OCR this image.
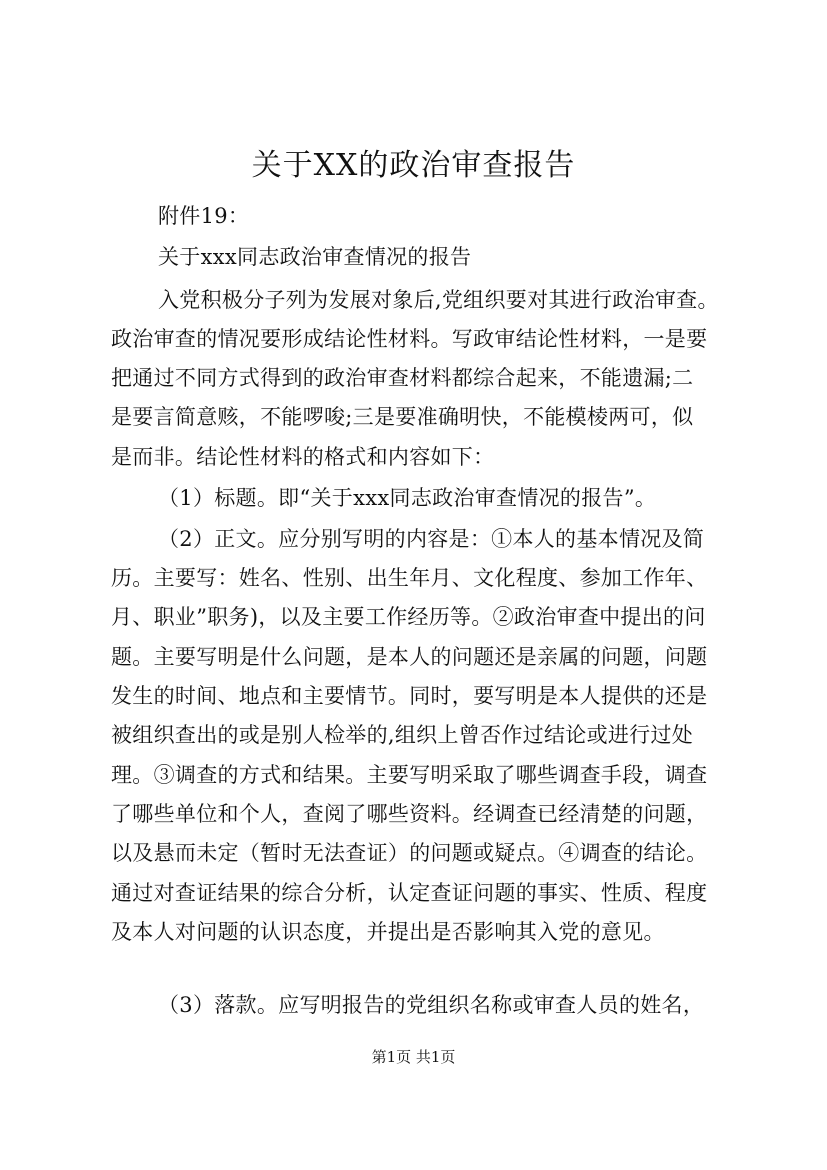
关于XX的政治审查报告
附件19：
关于xxx同志政治审查情况的报告
入党积极分子列为发展对象后,党组织要对其进行政治审查。
政治审查的情况要形成结论性材料。写政审结论性材料，一是要
把通过不同方式得到的政治审查材料都综合起来，不能遗漏;二
是要言简意赅，不能啰唆;三是要准确明快，不能模棱两可，似
是而非。结论性材料的格式和内容如下：
（1）标题。即“关于xxx同志政治审查情况的报告”。
（2）正文。应分别写明的内容是：①本人的基本情况及简
历。主要写：姓名、性别、出生年月、文化程度、参加工作年、
月、职业”职务)，以及主要工作经历等。②政治审查中提出的问
题。主要写明是什么问题，是本人的问题还是亲属的问题，问题
发生的时间、地点和主要情节。同时，要写明是本人提供的还是
被组织查出的或是别人检举的,组织上曾否作过结论或进行过处
理。③调查的方式和结果。主要写明采取了哪些调查手段，调查
了哪些单位和个人，查阅了哪些资料。经调查已经清楚的问题，
以及悬而未定（暂时无法查证）的问题或疑点。④调查的结论。
通过对查证结果的综合分析，认定查证问题的事实、性质、程度
及本人对问题的认识态度，并提出是否影响其入党的意见。
（3）落款。应写明报告的党组织名称或审查人员的姓名，
第1页 共1页
